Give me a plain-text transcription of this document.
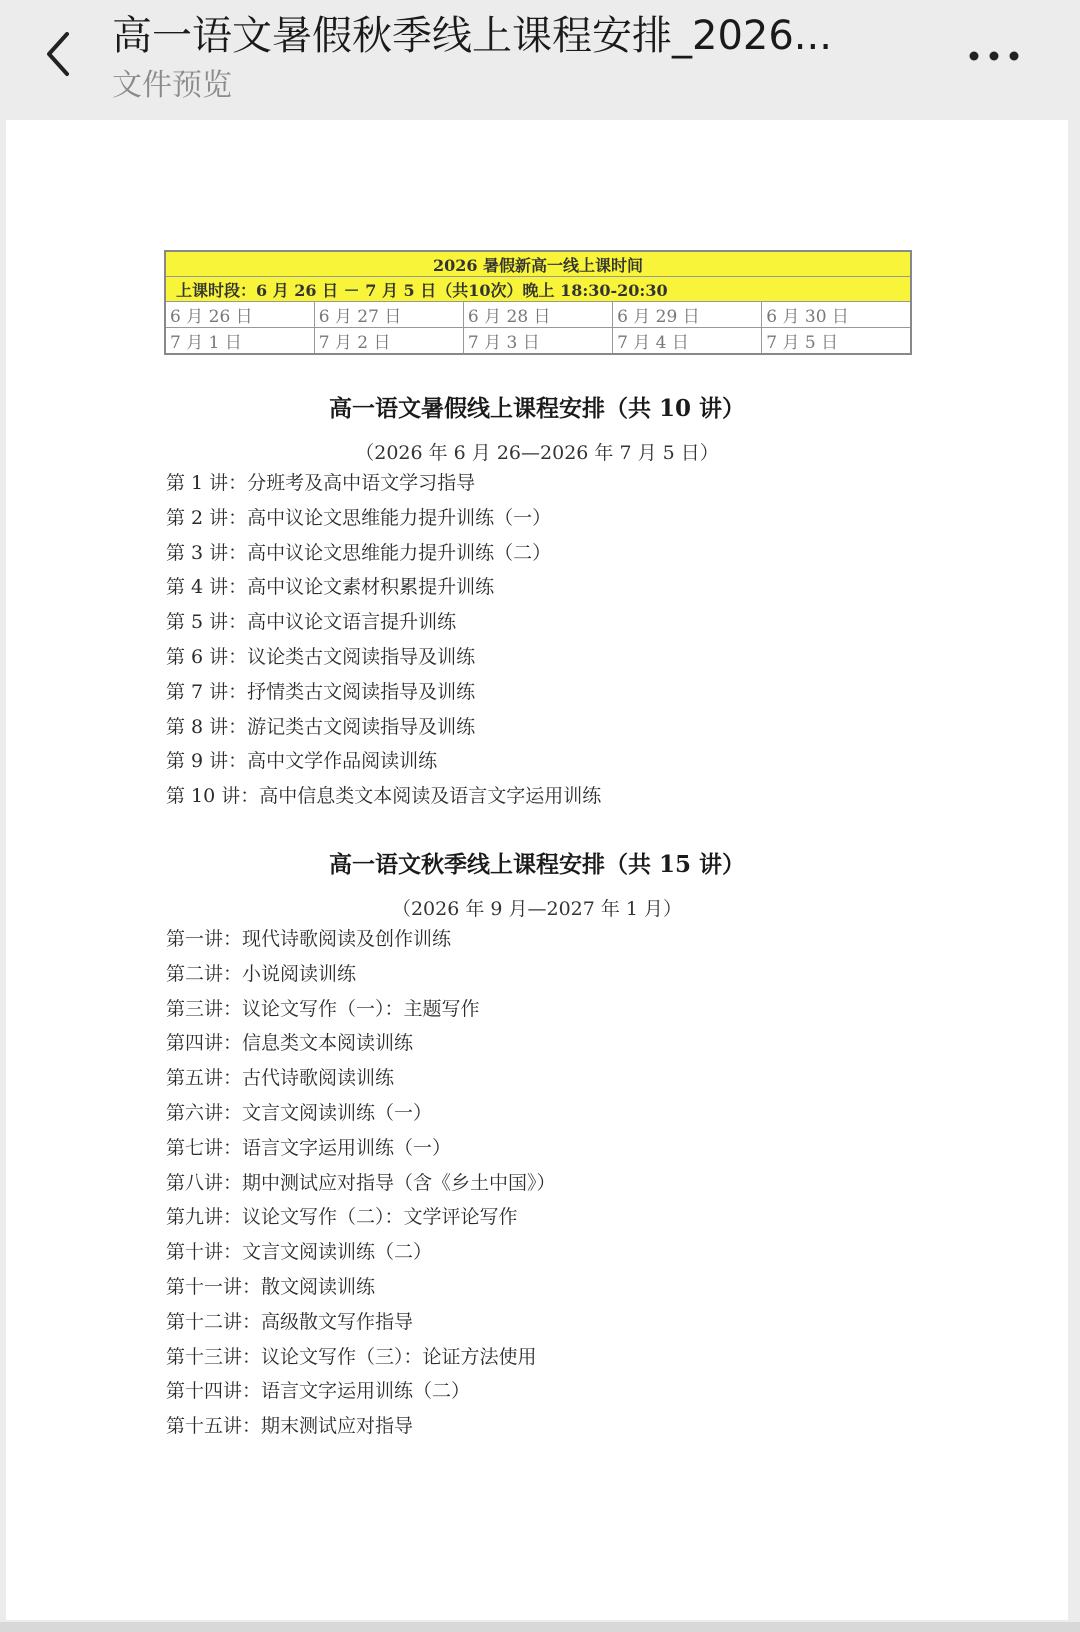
高一语文暑假秋季线上课程安排_2026...
文件预览
2026 暑假新高一线上课时间				
上课时段：6 月 26 日 － 7 月 5 日（共10次）晚上 18:30-20:30				
6 月 26 日	6 月 27 日	6 月 28 日	6 月 29 日	6 月 30 日
7 月 1 日	7 月 2 日	7 月 3 日	7 月 4 日	7 月 5 日
高一语文暑假线上课程安排（共 10 讲）
（2026 年 6 月 26—2026 年 7 月 5 日）
第 1 讲：分班考及高中语文学习指导
第 2 讲：高中议论文思维能力提升训练（一）
第 3 讲：高中议论文思维能力提升训练（二）
第 4 讲：高中议论文素材积累提升训练
第 5 讲：高中议论文语言提升训练
第 6 讲：议论类古文阅读指导及训练
第 7 讲：抒情类古文阅读指导及训练
第 8 讲：游记类古文阅读指导及训练
第 9 讲：高中文学作品阅读训练
第 10 讲：高中信息类文本阅读及语言文字运用训练
高一语文秋季线上课程安排（共 15 讲）
（2026 年 9 月—2027 年 1 月）
第一讲：现代诗歌阅读及创作训练
第二讲：小说阅读训练
第三讲：议论文写作（一）：主题写作
第四讲：信息类文本阅读训练
第五讲：古代诗歌阅读训练
第六讲：文言文阅读训练（一）
第七讲：语言文字运用训练（一）
第八讲：期中测试应对指导（含《乡土中国》）
第九讲：议论文写作（二）：文学评论写作
第十讲：文言文阅读训练（二）
第十一讲：散文阅读训练
第十二讲：高级散文写作指导
第十三讲：议论文写作（三）：论证方法使用
第十四讲：语言文字运用训练（二）
第十五讲：期末测试应对指导
